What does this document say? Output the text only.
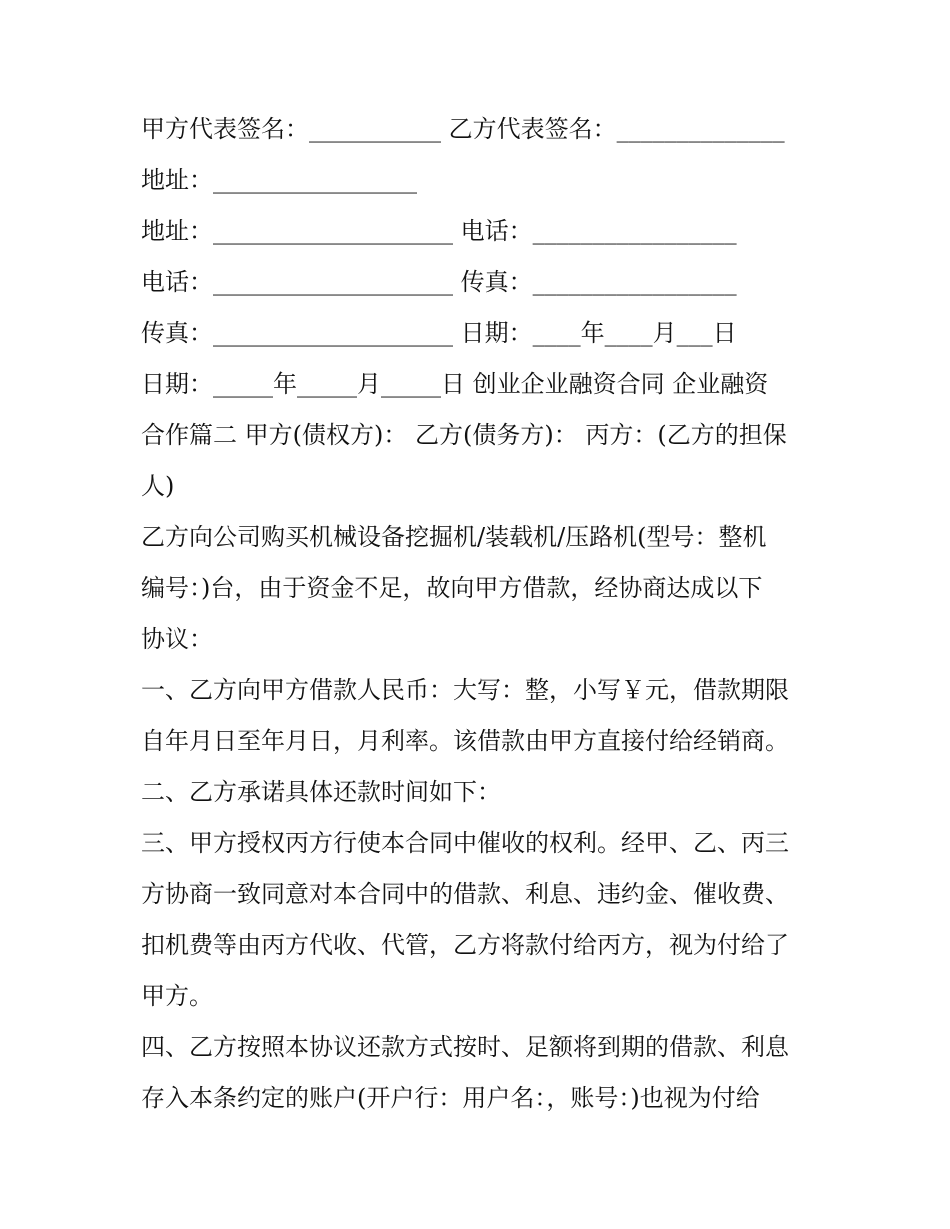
甲方代表签名：___________ 乙方代表签名：______________
地址：_________________
地址：____________________ 电话：_________________
电话：____________________ 传真：_________________
传真：____________________ 日期：____年____月___日
日期：_____年_____月_____日 创业企业融资合同 企业融资
合作篇二 甲方(债权方)： 乙方(债务方)： 丙方：(乙方的担保
人)
乙方向公司购买机械设备挖掘机/装载机/压路机(型号：整机
编号：)台，由于资金不足，故向甲方借款，经协商达成以下
协议：
一、乙方向甲方借款人民币：大写：整，小写￥元，借款期限
自年月日至年月日，月利率。该借款由甲方直接付给经销商。
二、乙方承诺具体还款时间如下：
三、甲方授权丙方行使本合同中催收的权利。经甲、乙、丙三
方协商一致同意对本合同中的借款、利息、违约金、催收费、
扣机费等由丙方代收、代管，乙方将款付给丙方，视为付给了
甲方。
四、乙方按照本协议还款方式按时、足额将到期的借款、利息
存入本条约定的账户(开户行：用户名：，账号：)也视为付给
